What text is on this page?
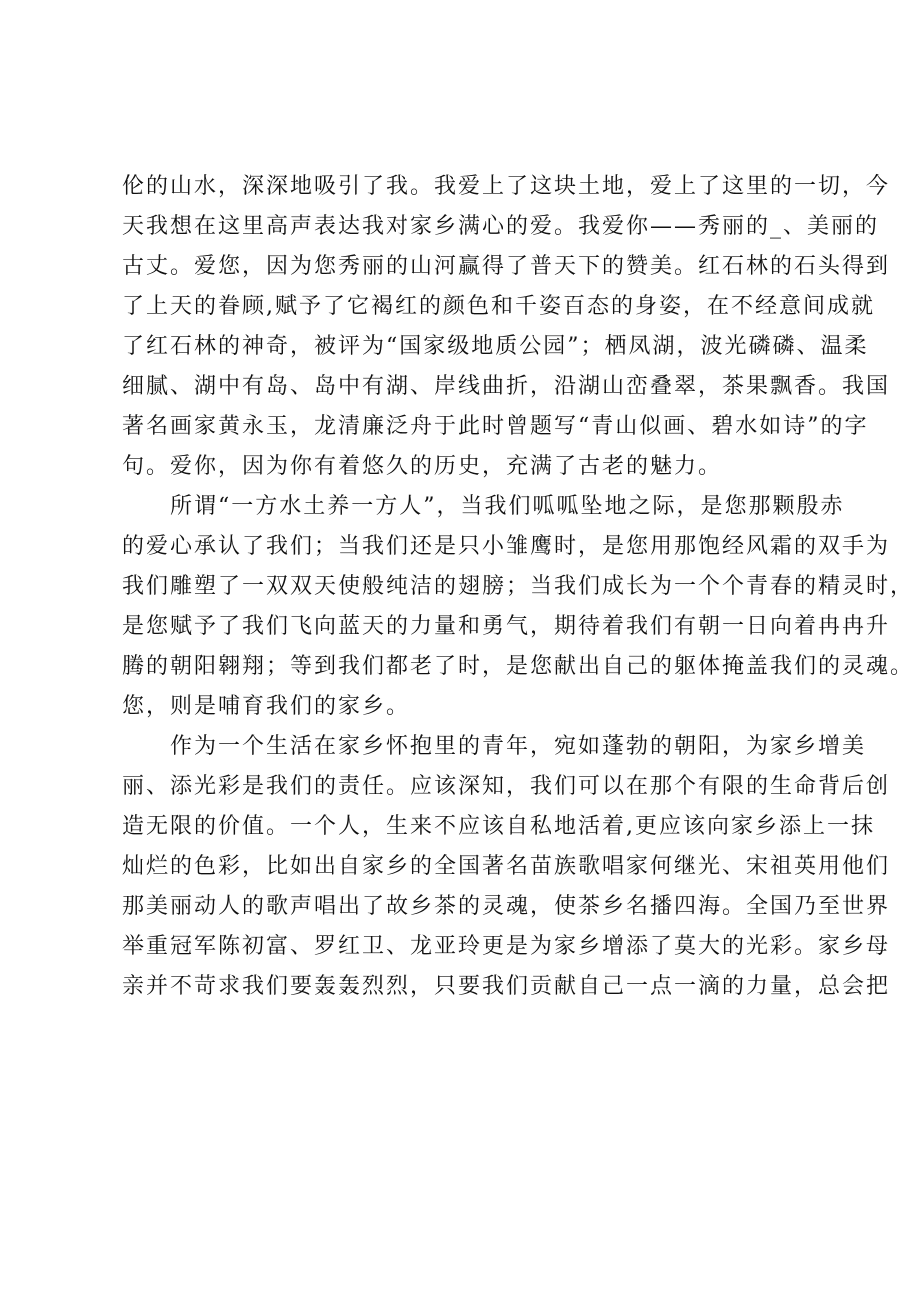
伦的山水，深深地吸引了我。我爱上了这块土地，爱上了这里的一切，今
天我想在这里高声表达我对家乡满心的爱。我爱你——秀丽的_、美丽的
古丈。爱您，因为您秀丽的山河赢得了普天下的赞美。红石林的石头得到
了上天的眷顾,赋予了它褐红的颜色和千姿百态的身姿，在不经意间成就
了红石林的神奇，被评为“国家级地质公园”；栖凤湖，波光磷磷、温柔
细腻、湖中有岛、岛中有湖、岸线曲折，沿湖山峦叠翠，茶果飘香。我国
著名画家黄永玉，龙清廉泛舟于此时曾题写“青山似画、碧水如诗”的字
句。爱你，因为你有着悠久的历史，充满了古老的魅力。
所谓“一方水土养一方人”，当我们呱呱坠地之际，是您那颗殷赤
的爱心承认了我们；当我们还是只小雏鹰时，是您用那饱经风霜的双手为
我们雕塑了一双双天使般纯洁的翅膀；当我们成长为一个个青春的精灵时，
是您赋予了我们飞向蓝天的力量和勇气，期待着我们有朝一日向着冉冉升
腾的朝阳翱翔；等到我们都老了时，是您献出自己的躯体掩盖我们的灵魂。
您，则是哺育我们的家乡。
作为一个生活在家乡怀抱里的青年，宛如蓬勃的朝阳，为家乡增美
丽、添光彩是我们的责任。应该深知，我们可以在那个有限的生命背后创
造无限的价值。一个人，生来不应该自私地活着,更应该向家乡添上一抹
灿烂的色彩，比如出自家乡的全国著名苗族歌唱家何继光、宋祖英用他们
那美丽动人的歌声唱出了故乡茶的灵魂，使茶乡名播四海。全国乃至世界
举重冠军陈初富、罗红卫、龙亚玲更是为家乡增添了莫大的光彩。家乡母
亲并不苛求我们要轰轰烈烈，只要我们贡献自己一点一滴的力量，总会把
